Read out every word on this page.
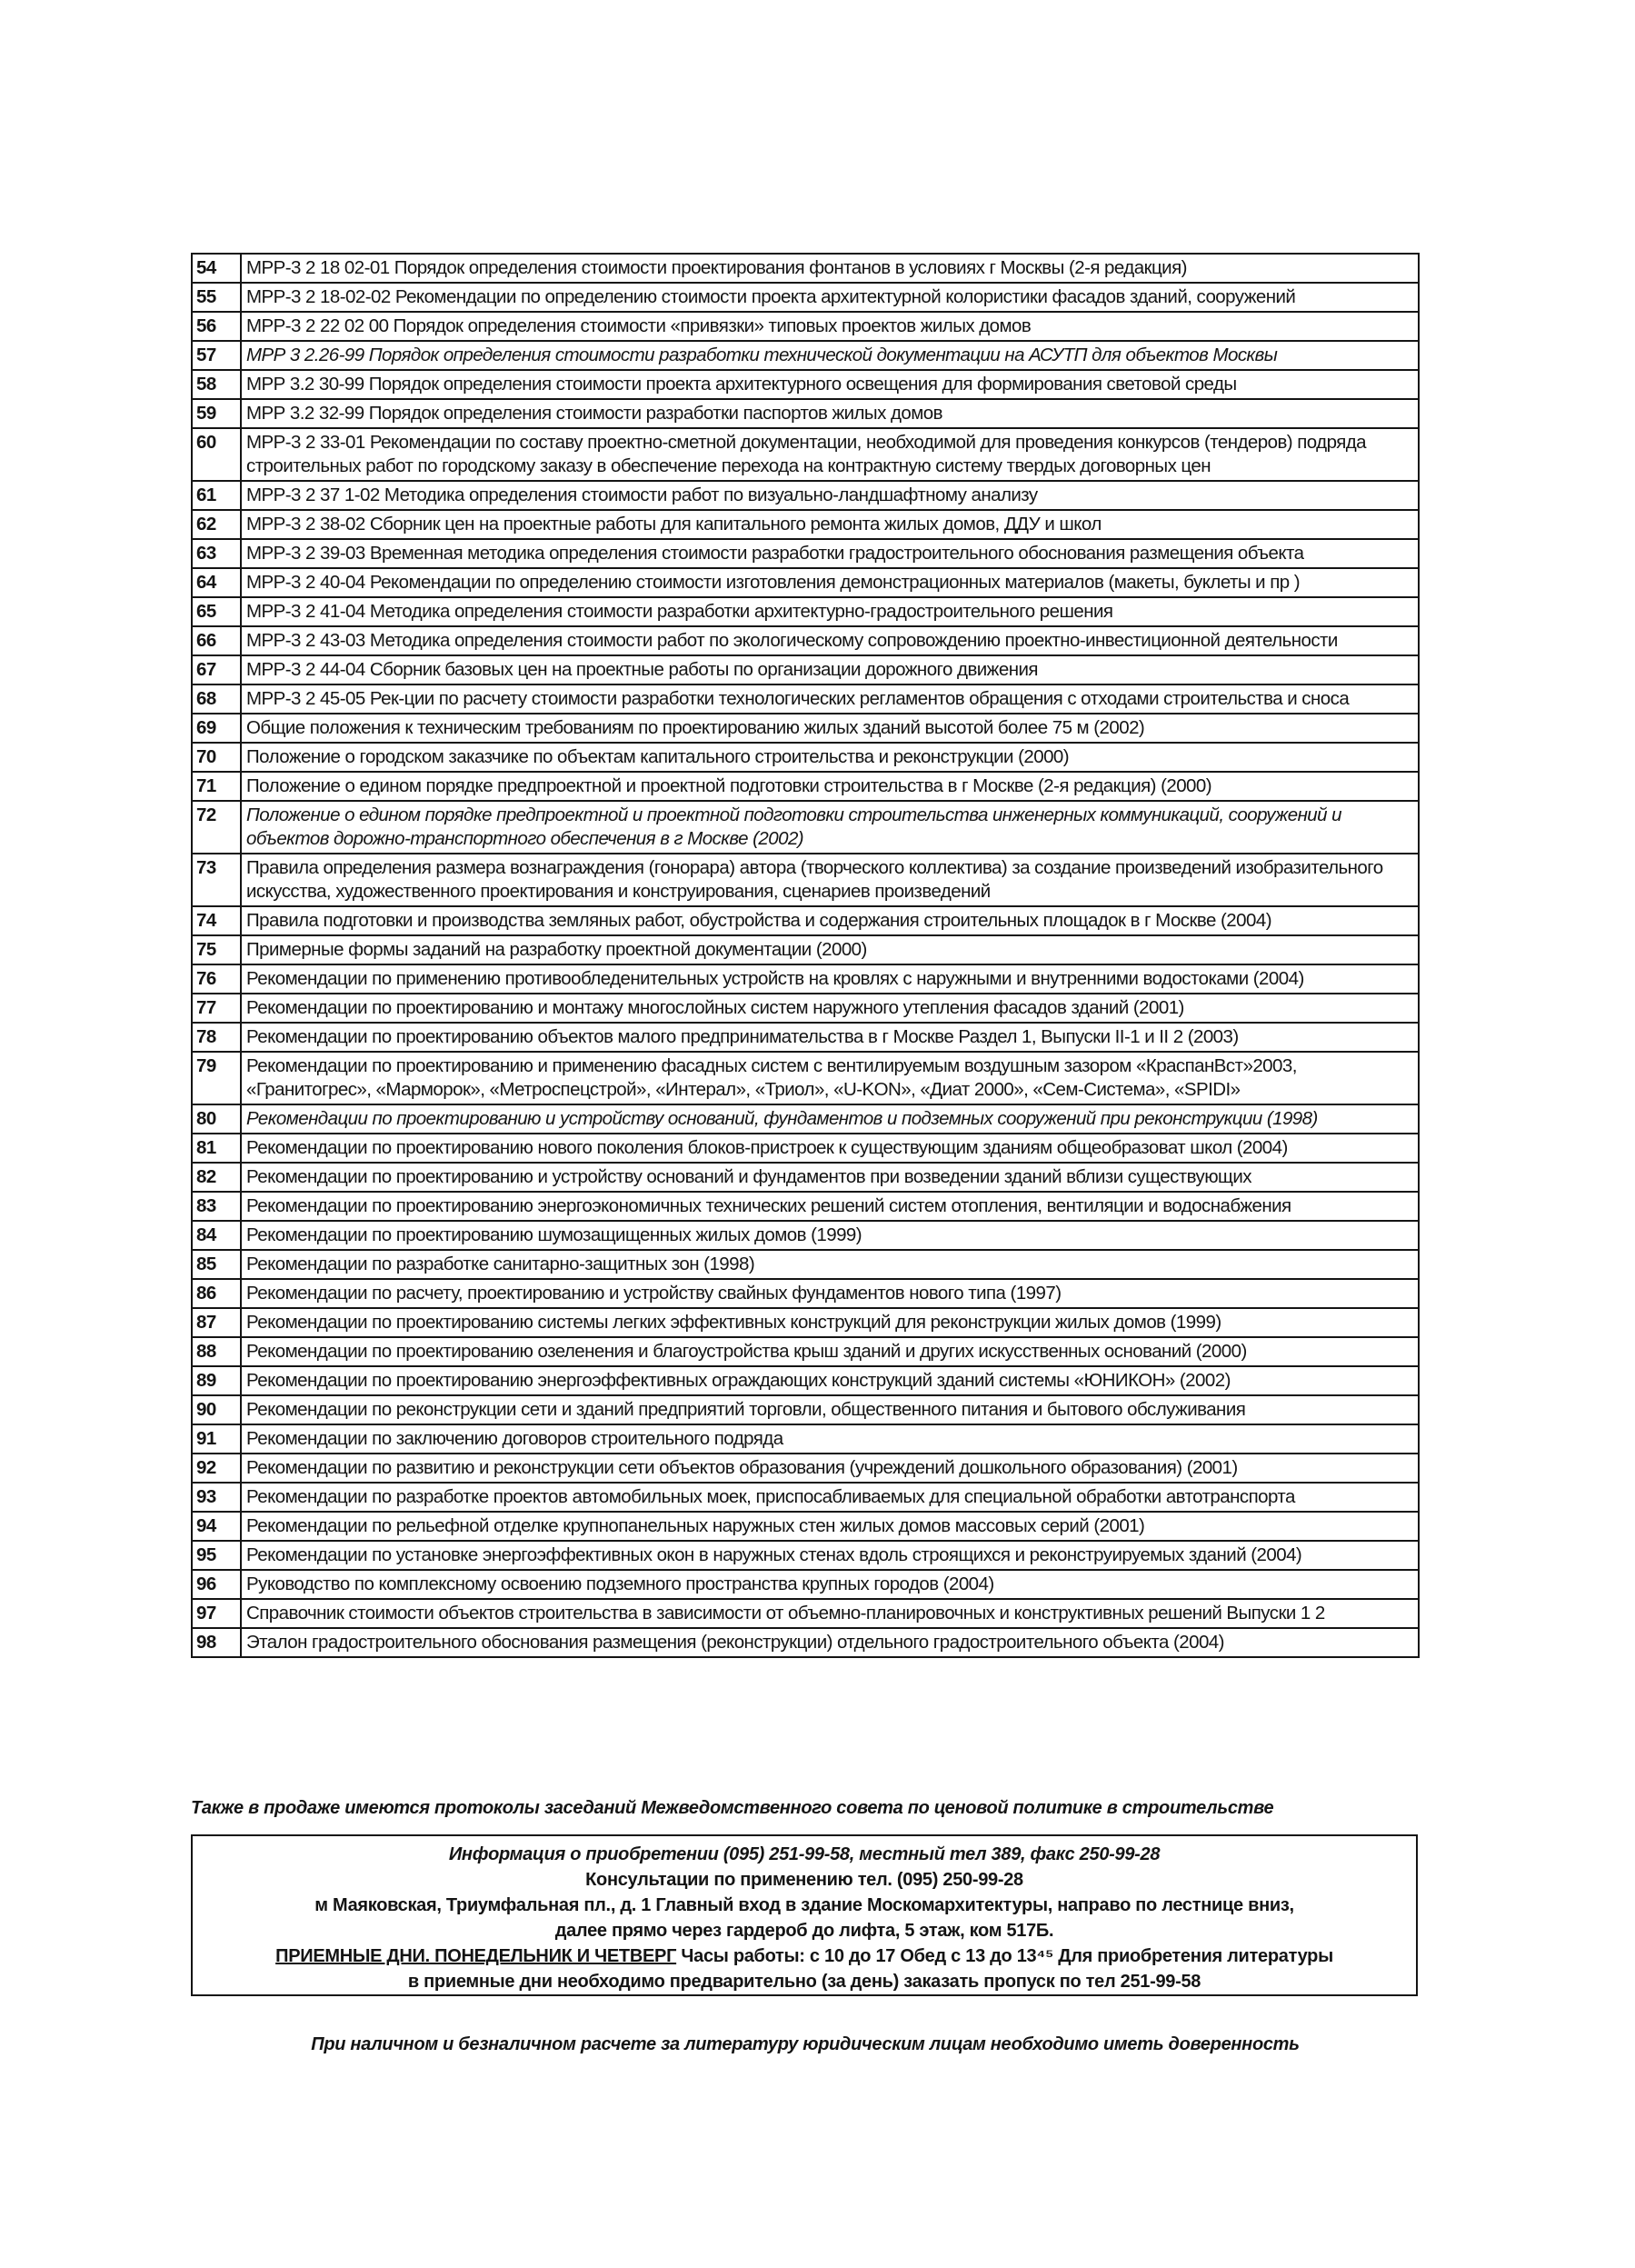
54	МРР-3 2 18 02-01 Порядок определения стоимости проектирования фонтанов в условиях г Москвы (2-я редакция)
55	МРР-3 2 18-02-02 Рекомендации по определению стоимости проекта архитектурной колористики фасадов зданий, сооружений
56	МРР-3 2 22 02 00 Порядок определения стоимости «привязки» типовых проектов жилых домов
57	МРР 3 2.26-99 Порядок определения стоимости разработки технической документации на АСУТП для объектов Москвы
58	МРР 3.2 30-99 Порядок определения стоимости проекта архитектурного освещения для формирования световой среды
59	МРР 3.2 32-99 Порядок определения стоимости разработки паспортов жилых домов
60	МРР-3 2 33-01 Рекомендации по составу проектно-сметной документации, необходимой для проведения конкурсов (тендеров) подряда строительных работ по городскому заказу в обеспечение перехода на контрактную систему твердых договорных цен
61	МРР-3 2 37 1-02 Методика определения стоимости работ по визуально-ландшафтному анализу
62	МРР-3 2 38-02 Сборник цен на проектные работы для капитального ремонта жилых домов, ДДУ и школ
63	МРР-3 2 39-03 Временная методика определения стоимости разработки градостроительного обоснования размещения объекта
64	МРР-3 2 40-04 Рекомендации по определению стоимости изготовления демонстрационных материалов (макеты, буклеты и пр )
65	МРР-3 2 41-04 Методика определения стоимости разработки архитектурно-градостроительного решения
66	МРР-3 2 43-03 Методика определения стоимости работ по экологическому сопровождению проектно-инвестиционной деятельности
67	МРР-3 2 44-04 Сборник базовых цен на проектные работы по организации дорожного движения
68	МРР-3 2 45-05 Рек-ции по расчету стоимости разработки технологических регламентов обращения с отходами строительства и сноса
69	Общие положения к техническим требованиям по проектированию жилых зданий высотой более 75 м (2002)
70	Положение о городском заказчике по объектам капитального строительства и реконструкции (2000)
71	Положение о едином порядке предпроектной и проектной подготовки строительства в г Москве (2-я редакция) (2000)
72	Положение о едином порядке предпроектной и проектной подготовки строительства инженерных коммуникаций, сооружений и объектов дорожно-транспортного обеспечения в г Москве (2002)
73	Правила определения размера вознаграждения (гонорара) автора (творческого коллектива) за создание произведений изобразительного искусства, художественного проектирования и конструирования, сценариев произведений
74	Правила подготовки и производства земляных работ, обустройства и содержания строительных площадок в г Москве (2004)
75	Примерные формы заданий на разработку проектной документации (2000)
76	Рекомендации по применению противообледенительных устройств на кровлях с наружными и внутренними водостоками (2004)
77	Рекомендации по проектированию и монтажу многослойных систем наружного утепления фасадов зданий (2001)
78	Рекомендации по проектированию объектов малого предпринимательства в г Москве Раздел 1, Выпуски II-1 и II 2 (2003)
79	Рекомендации по проектированию и применению фасадных систем с вентилируемым воздушным зазором «КраспанВст»2003, «Гранитогрес», «Марморок», «Метроспецстрой», «Интерал», «Триол», «U-KON», «Диат 2000», «Сем-Система», «SPIDI»
80	Рекомендации по проектированию и устройству оснований, фундаментов и подземных сооружений при реконструкции (1998)
81	Рекомендации по проектированию нового поколения блоков-пристроек к существующим зданиям общеобразоват школ (2004)
82	Рекомендации по проектированию и устройству оснований и фундаментов при возведении зданий вблизи существующих
83	Рекомендации по проектированию энергоэкономичных технических решений систем отопления, вентиляции и водоснабжения
84	Рекомендации по проектированию шумозащищенных жилых домов (1999)
85	Рекомендации по разработке санитарно-защитных зон (1998)
86	Рекомендации по расчету, проектированию и устройству свайных фундаментов нового типа (1997)
87	Рекомендации по проектированию системы легких эффективных конструкций для реконструкции жилых домов (1999)
88	Рекомендации по проектированию озеленения и благоустройства крыш зданий и других искусственных оснований (2000)
89	Рекомендации по проектированию энергоэффективных ограждающих конструкций зданий системы «ЮНИКОН» (2002)
90	Рекомендации по реконструкции сети и зданий предприятий торговли, общественного питания и бытового обслуживания
91	Рекомендации по заключению договоров строительного подряда
92	Рекомендации по развитию и реконструкции сети объектов образования (учреждений дошкольного образования) (2001)
93	Рекомендации по разработке проектов автомобильных моек, приспосабливаемых для специальной обработки автотранспорта
94	Рекомендации по рельефной отделке крупнопанельных наружных стен жилых домов массовых серий (2001)
95	Рекомендации по установке энергоэффективных окон в наружных стенах вдоль строящихся и реконструируемых зданий (2004)
96	Руководство по комплексному освоению подземного пространства крупных городов (2004)
97	Справочник стоимости объектов строительства в зависимости от объемно-планировочных и конструктивных решений Выпуски 1 2
98	Эталон градостроительного обоснования размещения (реконструкции) отдельного градостроительного объекта (2004)
Также в продаже имеются протоколы заседаний Межведомственного совета по ценовой политике в строительстве
Информация о приобретении (095) 251-99-58, местный тел 389, факс 250-99-28
Консультации по применению тел. (095) 250-99-28
м Маяковская, Триумфальная пл., д. 1 Главный вход в здание Москомархитектуры, направо по лестнице вниз,
далее прямо через гардероб до лифта, 5 этаж, ком 517Б.
ПРИЕМНЫЕ ДНИ. ПОНЕДЕЛЬНИК И ЧЕТВЕРГ Часы работы: с 10 до 17 Обед с 13 до 13⁴⁵ Для приобретения литературы
в приемные дни необходимо предварительно (за день) заказать пропуск по тел 251-99-58
При наличном и безналичном расчете за литературу юридическим лицам необходимо иметь доверенность
